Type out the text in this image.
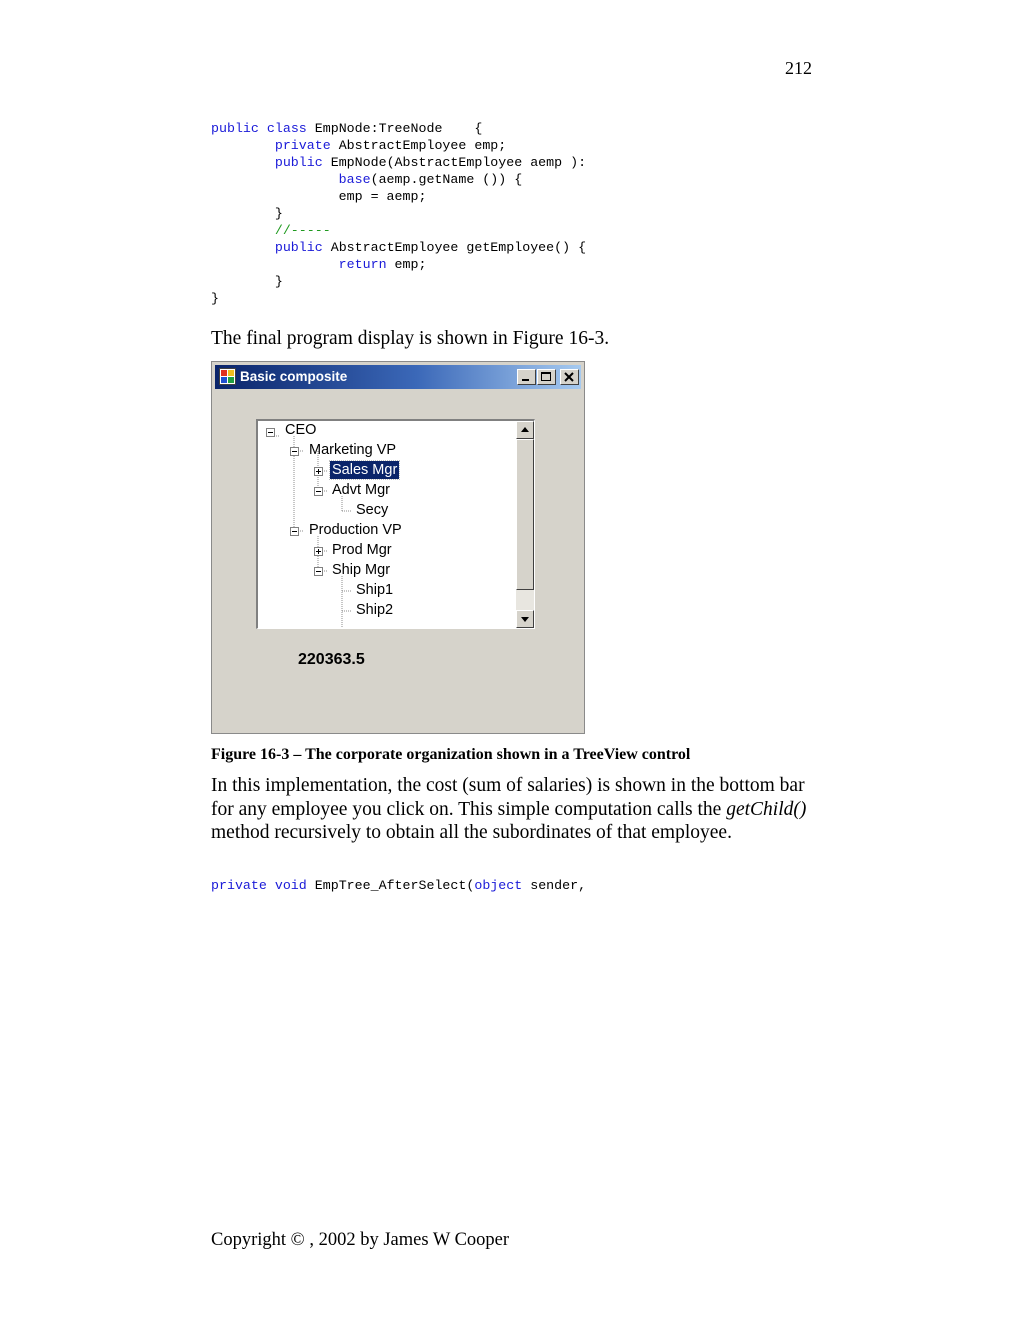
212
public class EmpNode:TreeNode    {
private AbstractEmployee emp;
public EmpNode(AbstractEmployee aemp ):
base(aemp.getName ()) {
emp = aemp;
}
//-----
public AbstractEmployee getEmployee() {
return emp;
}
}

The final program display is shown in Figure 16-3.

Basic composite
CEO
Marketing VP
Sales Mgr
Advt Mgr
Secy
Production VP
Prod Mgr
Ship Mgr
Ship1
Ship2
220363.5
Figure 16-3 – The corporate organization shown in a TreeView control

In this implementation, the cost (sum of salaries) is shown in the bottom bar for any employee you click on. This simple computation calls the getChild() method recursively to obtain all the subordinates of that employee.

private void EmpTree_AfterSelect(object sender,
Copyright © , 2002 by James W Cooper
